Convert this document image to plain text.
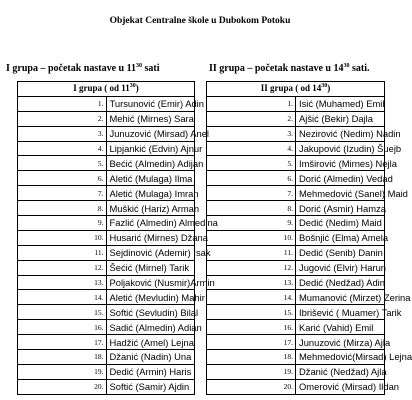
Objekat Centralne škole u Dubokom Potoku
I grupa – početak nastave u $11^{30}$ sati	II grupa – početak nastave u $14^{30}$ sati.
I grupa ( od $11^{30}$)	
1.	Tursunović (Emir) Adin
2.	Mehić (Mirnes) Sara
3.	Junuzović (Mirsad) Anel
4.	Lipjankić (Edvin) Ajnur
5.	Bećić (Almedin) Adijan
6.	Aletić (Mulaga) Ilma
7.	Aletić (Mulaga) Imran
8.	Muškić (Hariz) Arman
9.	Fazlić (Almedin) Almedina
10.	Husarić (Mirnes) Džana
11.	Sejdinović (Ademir) Isak
12.	Šećić (Mirnel) Tarik
13.	Poljaković (Nusmir)Armin
14.	Aletić (Mevludin) Mahir
15.	Softić (Sevludin) Bilal
16.	Sadić (Almedin) Adian
17.	Hadžić (Amel) Lejna
18.	Džanić (Nadin) Una
19.	Dedić (Armin) Haris
20.	Softić (Samir) Ajdin
II grupa ( od $14^{30}$)	
1.	Isić (Muhamed) Emil
2.	Ajšić (Bekir) Dajla
3.	Nezirović (Nedim) Nadin
4.	Jakupović (Izudin) Šuejb
5.	Imširović (Mirnes) Nejla
6.	Dorić (Almedin) Vedad
7.	Mehmedović (Sanel) Maid
8.	Dorić (Asmir) Hamza
9.	Dedić (Nedim) Maid
10.	Bošnjić (Elma) Amela
11.	Dedić (Senib) Danin
12.	Jugović (Elvir) Harun
13.	Dedić (Nedžad) Adin
14.	Mumanović (Mirzet) Zerina
15.	Ibrišević ( Muamer) Tarik
16.	Karić (Vahid) Emil
17.	Junuzović (Mirza) Ajla
18.	Mehmedović(Mirsad) Lejna
19.	Džanić (Nedžad) Ajla
20.	Omerović (Mirsad) Ildan
